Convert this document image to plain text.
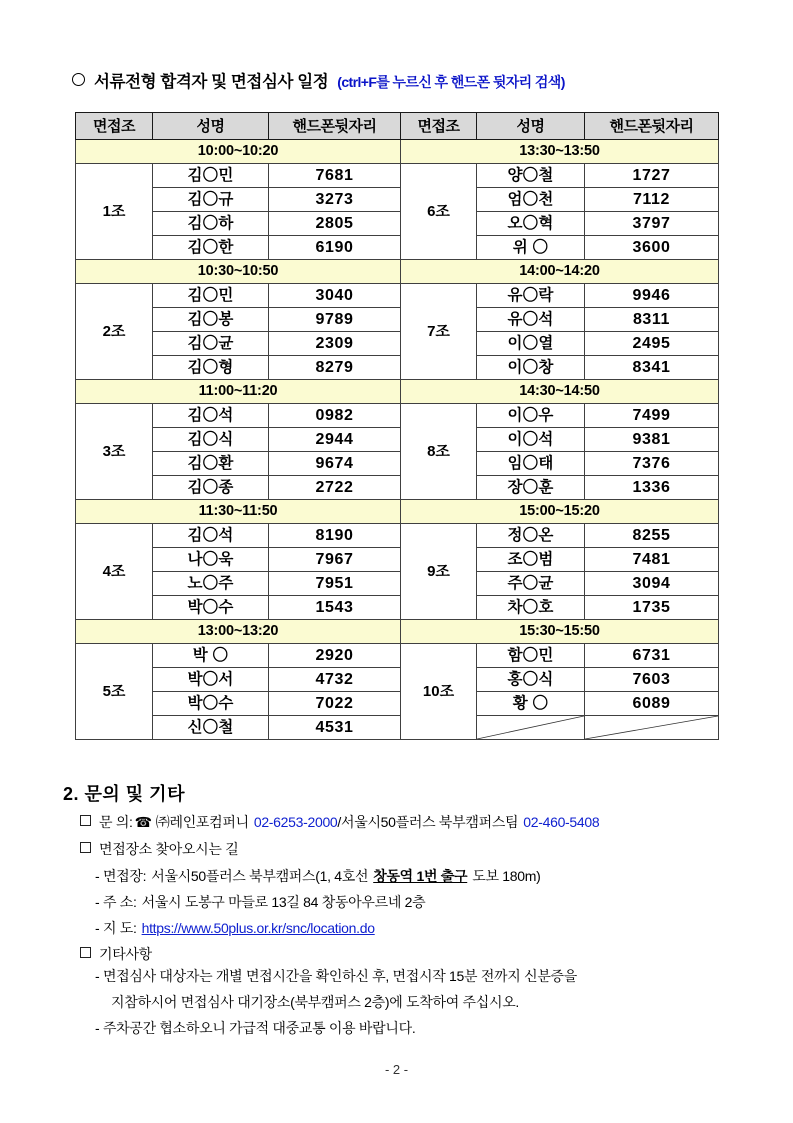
서류전형 합격자 및 면접심사 일정 (ctrl+F를 누르신 후 핸드폰 뒷자리 검색)
면접조	성명	핸드폰뒷자리	면접조	성명	핸드폰뒷자리
10:00~10:20			13:30~13:50		
1조	김〇민	7681	6조	양〇철	1727
	김〇규	3273		엄〇천	7112
	김〇하	2805		오〇혁	3797
	김〇한	6190		위 〇	3600
10:30~10:50			14:00~14:20		
2조	김〇민	3040	7조	유〇락	9946
	김〇봉	9789		유〇석	8311
	김〇균	2309		이〇열	2495
	김〇형	8279		이〇창	8341
11:00~11:20			14:30~14:50		
3조	김〇석	0982	8조	이〇우	7499
	김〇식	2944		이〇석	9381
	김〇환	9674		임〇태	7376
	김〇종	2722		장〇훈	1336
11:30~11:50			15:00~15:20		
4조	김〇석	8190	9조	정〇온	8255
	나〇욱	7967		조〇범	7481
	노〇주	7951		주〇균	3094
	박〇수	1543		차〇호	1735
13:00~13:20			15:30~15:50		
5조	박 〇	2920	10조	함〇민	6731
	박〇서	4732		홍〇식	7603
	박〇수	7022		황 〇	6089
	신〇철	4531	

2. 문의 및 기타
문 의: ☎ ㈜레인포컴퍼니 02-6253-2000 / 서울시50플러스 북부캠퍼스팀 02-460-5408
면접장소 찾아오시는 길
- 면접장: 서울시50플러스 북부캠퍼스(1, 4호선 창동역 1번 출구 도보 180m)
- 주 소: 서울시 도봉구 마들로 13길 84 창동아우르네 2층
- 지 도: https://www.50plus.or.kr/snc/location.do
기타사항
- 면접심사 대상자는 개별 면접시간을 확인하신 후, 면접시작 15분 전까지 신분증을
지참하시어 면접심사 대기장소(북부캠퍼스 2층)에 도착하여 주십시오.
- 주차공간 협소하오니 가급적 대중교통 이용 바랍니다.
- 2 -
